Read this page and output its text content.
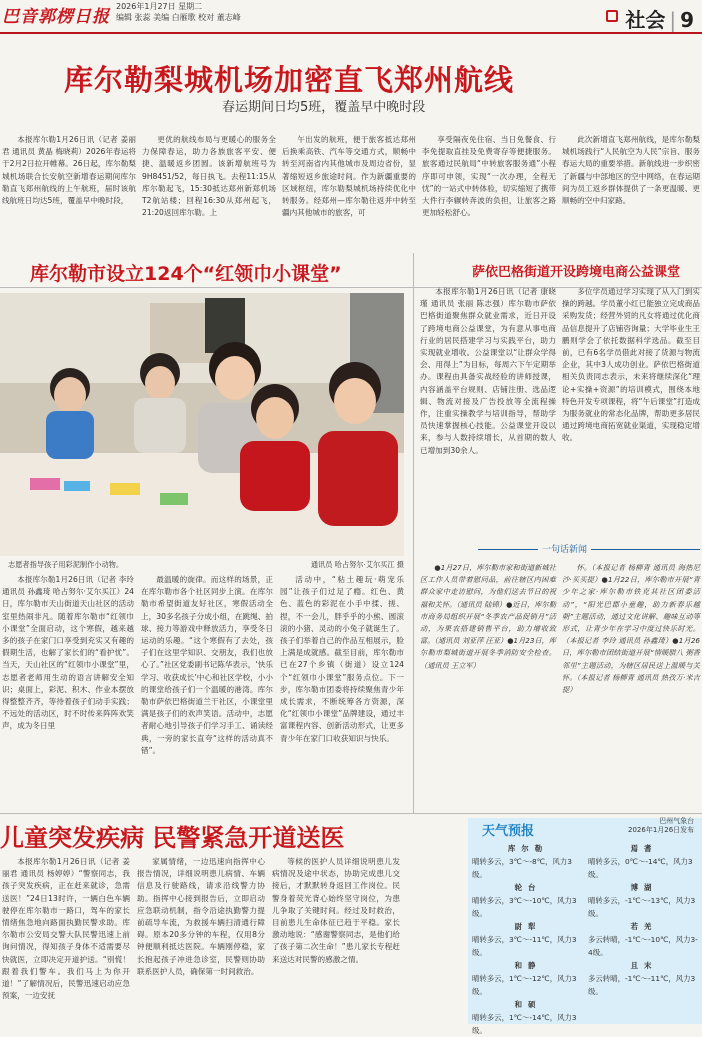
巴音郭楞日报
2026年1月27日 星期二
编辑 张蕊 美编 白雁歌 校对 董志峰	社会 | 9
库尔勒梨城机场加密直飞郑州航线
春运期间日均5班，覆盖早中晚时段

本报库尔勒1月26日讯（记者 姜丽君 通讯员 黄晶 梅晓莉）2026年春运将于2月2日拉开帷幕。26日起，库尔勒梨城机场联合长安航空新增春运期间库尔勒直飞郑州航线的上午航班，届时该航线航班日均达5班，覆盖早中晚时段，

更优的航线布局与更暖心的服务全力保障春运，助力各族旅客平安、便捷、温暖返乡团圆。该新增航班号为9H8451/52，每日执飞。去程11:15从库尔勒起飞，15:30抵达郑州新郑机场T2航站楼；回程16:30从郑州起飞，21:20返回库尔勒。上

午出发的航班，便于旅客抵达郑州后换乘高铁、汽车等交通方式，顺畅中转至河南省内其他城市及周边省份，显著缩短返乡旅途时间。作为新疆重要的区域枢纽，库尔勒梨城机场持续优化中转服务。经郑州—库尔勒往返并中转至疆内其他城市的旅客，可

享受隔夜免住宿、当日免餐食、行李免提取直挂及免费寄存等便捷服务。旅客通过民航局“中转旅客服务通”小程序即可申领，实现“一次办理，全程无忧”的一站式中转体验，切实缩短了携带大件行李辗转奔波的负担，让旅客之路更加轻松舒心。

此次新增直飞郑州航线，是库尔勒梨城机场践行“人民航空为人民”宗旨、服务春运大局的重要举措。新航线进一步织密了新疆与中部地区的空中网络，在春运期间为员工返乡群体提供了一条更温暖、更顺畅的空中归家路。

库尔勒市设立124个“红领巾小课堂”
志愿者指导孩子用彩泥制作小动物。	通讯员 哈占努尔·艾尔买江 摄

本报库尔勒1月26日讯（记者 李玲 通讯员 孙鑫琦 哈占努尔·艾尔买江）24日，库尔勒市天山街道天山社区的活动室里热闹非凡。随着库尔勒市“红领巾小课堂”全面启动，这个寒假，越来越多的孩子在家门口享受到充实又有趣的假期生活，也解了家长们的“看护忧”。当天，天山社区的“红领巾小课堂”里，志愿者老师用生动的语言讲解安全知识；桌面上，彩泥、积木、作业本摆放得整整齐齐，等待着孩子们动手实践；不远处的活动区，时不时传来阵阵欢笑声，成为冬日里

最温暖的旋律。而这样的场景，正在库尔勒市各个社区同步上演。在库尔勒市希望街道友好社区，寒假活动全上，30多名孩子分成小组，在跳绳、拍球、接力等游戏中释放活力，享受冬日运动的乐趣。“这个寒假有了去处，孩子们在这里学知识、交朋友，我们也放心了。”社区党委副书记陈华表示，‘快乐学习、收获成长’中心和社区学校，小小的课堂给孩子们一个温暖的港湾。库尔勒市萨依巴格街道兰干社区，小课堂里满是孩子们的欢声笑语。活动中，志愿者耐心地引导孩子们学习手工、诵读经典，一旁的家长直夸“这样的活动真不错”。

活动中，“粘土趣玩·萌宠乐园”让孩子们过足了瘾。红色、黄色、蓝色的彩泥在小手中揉、搓、捏，不一会儿，胖乎乎的小熊、圆滚滚的小猪、灵动的小兔子就诞生了。孩子们举着自己的作品互相展示，脸上满是成就感。截至目前，库尔勒市已在27个乡镇（街道）设立124个“红领巾小课堂”服务点位。下一步，库尔勒市团委将持续聚焦青少年成长需求，不断统筹各方资源，深化“红领巾小课堂”品牌建设，通过丰富课程内容、创新活动形式，让更多青少年在家门口收获知识与快乐。

萨依巴格街道开设跨境电商公益课堂

本报库尔勒1月26日讯（记者 康晓瑾 通讯员 张丽 陈志强）库尔勒市萨依巴格街道聚焦群众就业需求，近日开设了跨境电商公益课堂，为有意从事电商行业的居民搭建学习与实践平台，助力实现就业增收。公益课堂以“让群众学得会、用得上”为目标，每周六下午定期举办。课程由具备实战经验的讲师授课，内容涵盖平台规则、店铺注册、选品逻辑、物流对接及广告投放等全流程操作，注重实操教学与培训指导，帮助学员快速掌握核心技能。公益课堂开设以来，参与人数持续增长，从首期的数人已增加到30余人。

多位学员通过学习实现了从入门到实操的跨越。学员董小红已能独立完成商品采购发货；经营外贸的凡女将通过优化商品信息提升了店铺咨询量；大学毕业生王鹏则学会了依托数据科学选品。截至目前，已有6名学员借此对接了货源与物流企业，其中3人成功创业。萨依巴格街道相关负责同志表示，未来将继续深化“理论+实操+资源”的培训模式，围绕本地特色开发专项课程，将“午后课堂”打造成为服务就业的常态化品牌，帮助更多居民通过跨境电商拓宽就业渠道，实现稳定增收。

一句话新闻

●1月27日，库尔勒市家和街道新城社区工作人员带着慰问品，前往辖区内困难群众家中走访慰问，为他们送去节日的祝福和关怀。（通讯员 陆锦）●近日，库尔勒市商务局组织开展“冬季农产品促销月”活动，为果农搭建销售平台，助力增收致富。（通讯员 刘亚萍 汪亚）●1月23日，库尔勒市梨城街道开展冬季消防安全检查。（通讯员 王立军）

怀。（本报记者 杨柳青 通讯员 海热尼沙·买买提）●1月22日，库尔勒市开展“青少年之家·库尔勒市铁克其社区团委活动”，“阳光巴郡小童趣，助力新春乐越朝”主题活动，通过文化讲解、趣味互动等形式，让青少年在学习中度过快乐时光。（本报记者 李玲 通讯员 孙鑫琦）●1月26日，库尔勒市团结街道开展“情暖腊八 粥香邻里”主题活动，为辖区居民送上温暖与关怀。（本报记者 杨柳青 通讯员 热孜万·米吉提）

儿童突发疾病 民警紧急开道送医

本报库尔勒1月26日讯（记者 姜丽君 通讯员 杨婷婷）“警察同志，我孩子突发疾病，正在赶来就诊，急需送医！”24日13时许，一辆白色车辆驶停在库尔勒市一路口，驾车的家长情绪焦急地向路面执勤民警求助。库尔勒市公安局交警大队民警迅速上前询问情况，得知孩子身体不适需要尽快就医，立即决定开道护送。“别慌！跟着我们警车。我们马上为你开道！”了解情况后，民警迅速启动应急预案，一边安抚

家属情绪，一边迅速向指挥中心报告情况，详细说明患儿病情、车辆信息及行驶路线，请求沿线警力协助。指挥中心接到报告后，立即启动应急联动机制，指令沿途执勤警力提前疏导车流，为救援车辆扫清通行障碍。原本20多分钟的车程，仅用8分钟便顺利抵达医院。车辆刚停稳，家长抱起孩子冲进急诊室，民警则协助联系医护人员，确保第一时间救治。

等候的医护人员详细说明患儿发病情况及途中状态，协助完成患儿交接后，才默默转身返回工作岗位。民警身着荧光背心始终坚守岗位，为患儿争取了关键时间。经过及时救治，目前患儿生命体征已趋于平稳。家长激动地说：“感谢警察同志，是他们给了孩子第二次生命！”患儿家长专程赶来送达对民警的感激之情。

天气预报
巴州气象台
2026年1月26日发布
库尔勒
晴转多云，3℃～-8℃，风力3级。
轮台
晴转多云，3℃～-10℃，风力3级。
尉犁
晴转多云，3℃～-11℃，风力3级。
和静
晴转多云，1℃～-12℃，风力3级。
和硕
晴转多云，1℃～-14℃，风力3级。
焉耆
晴转多云，0℃～-14℃，风力3级。
博湖
晴转多云，-1℃～-13℃，风力3级。
若羌
多云转晴，-1℃～-10℃，风力3-4级。
且末
多云转晴，-1℃～-11℃，风力3级。
